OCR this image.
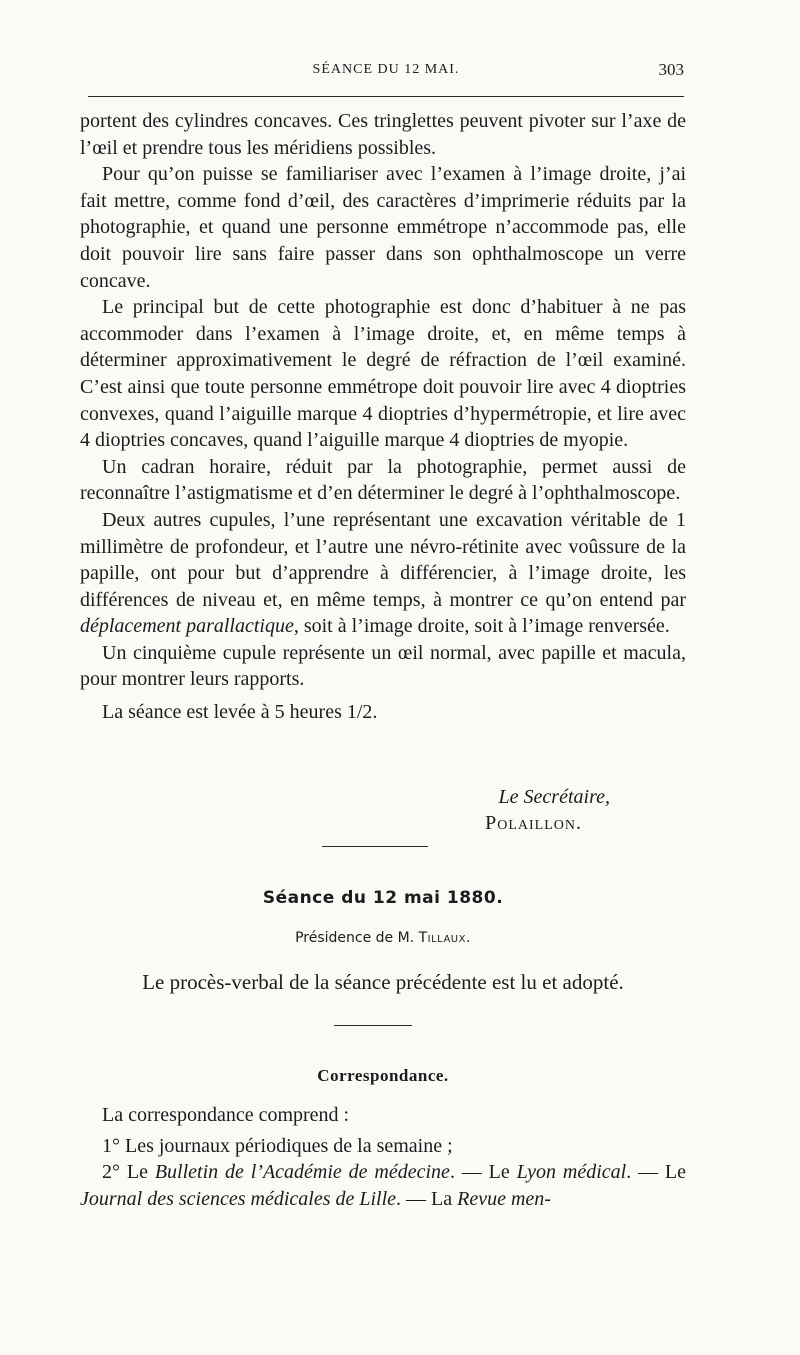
SÉANCE DU 12 MAI.	303

portent des cylindres concaves. Ces tringlettes peuvent pivoter sur l’axe de l’œil et prendre tous les méridiens possibles.

Pour qu’on puisse se familiariser avec l’examen à l’image droite, j’ai fait mettre, comme fond d’œil, des caractères d’imprimerie réduits par la photographie, et quand une personne emmétrope n’accommode pas, elle doit pouvoir lire sans faire passer dans son ophthalmoscope un verre concave.

Le principal but de cette photographie est donc d’habituer à ne pas accommoder dans l’examen à l’image droite, et, en même temps à déterminer approximativement le degré de réfraction de l’œil examiné. C’est ainsi que toute personne emmétrope doit pouvoir lire avec 4 dioptries convexes, quand l’aiguille marque 4 dioptries d’hypermétropie, et lire avec 4 dioptries concaves, quand l’aiguille marque 4 dioptries de myopie.

Un cadran horaire, réduit par la photographie, permet aussi de reconnaître l’astigmatisme et d’en déterminer le degré à l’ophthalmoscope.

Deux autres cupules, l’une représentant une excavation véritable de 1 millimètre de profondeur, et l’autre une névro-rétinite avec voûssure de la papille, ont pour but d’apprendre à différencier, à l’image droite, les différences de niveau et, en même temps, à montrer ce qu’on entend par déplacement parallactique, soit à l’image droite, soit à l’image renversée.

Un cinquième cupule représente un œil normal, avec papille et macula, pour montrer leurs rapports.

La séance est levée à 5 heures 1/2.

Le Secrétaire,
Polaillon.
Séance du 12 mai 1880.
Présidence de M. Tillaux.
Le procès-verbal de la séance précédente est lu et adopté.
Correspondance.

La correspondance comprend :

1° Les journaux périodiques de la semaine ;

2° Le Bulletin de l’Académie de médecine. — Le Lyon médical. — Le Journal des sciences médicales de Lille. — La Revue men-
